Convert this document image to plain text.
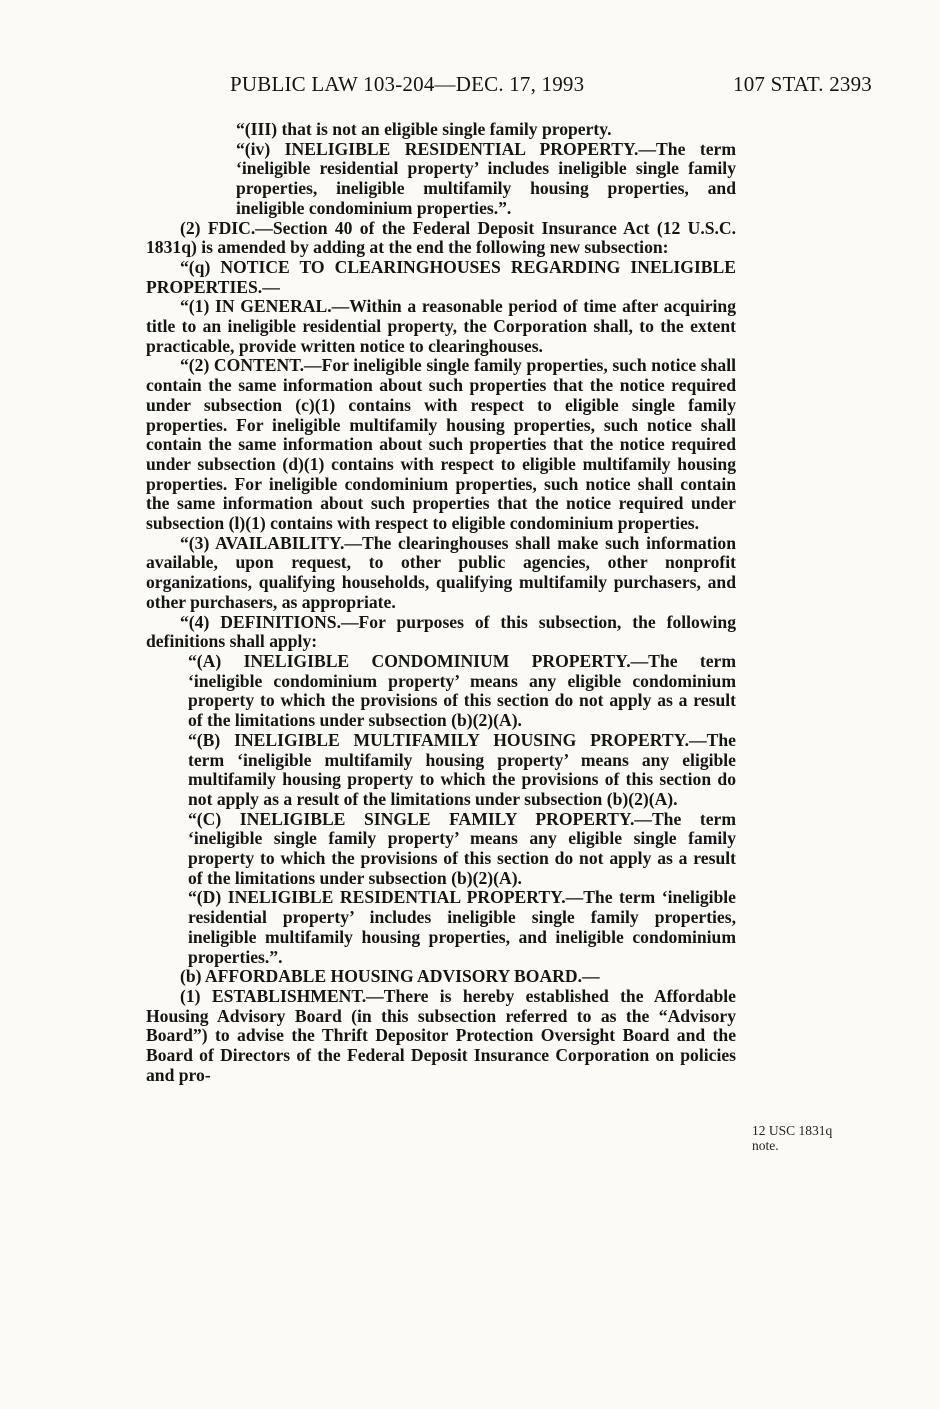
PUBLIC LAW 103-204—DEC. 17, 1993	107 STAT. 2393

“(III) that is not an eligible single family property.

“(iv) INELIGIBLE RESIDENTIAL PROPERTY.—The term ‘ineligible residential property’ includes ineligible single family properties, ineligible multifamily housing properties, and ineligible condominium properties.”.

(2) FDIC.—Section 40 of the Federal Deposit Insurance Act (12 U.S.C. 1831q) is amended by adding at the end the following new subsection:

“(q) NOTICE TO CLEARINGHOUSES REGARDING INELIGIBLE PROPERTIES.—

“(1) IN GENERAL.—Within a reasonable period of time after acquiring title to an ineligible residential property, the Corporation shall, to the extent practicable, provide written notice to clearinghouses.

“(2) CONTENT.—For ineligible single family properties, such notice shall contain the same information about such properties that the notice required under subsection (c)(1) contains with respect to eligible single family properties. For ineligible multifamily housing properties, such notice shall contain the same information about such properties that the notice required under subsection (d)(1) contains with respect to eligible multifamily housing properties. For ineligible condominium properties, such notice shall contain the same information about such properties that the notice required under subsection (l)(1) contains with respect to eligible condominium properties.

“(3) AVAILABILITY.—The clearinghouses shall make such information available, upon request, to other public agencies, other nonprofit organizations, qualifying households, qualifying multifamily purchasers, and other purchasers, as appropriate.

“(4) DEFINITIONS.—For purposes of this subsection, the following definitions shall apply:

“(A) INELIGIBLE CONDOMINIUM PROPERTY.—The term ‘ineligible condominium property’ means any eligible condominium property to which the provisions of this section do not apply as a result of the limitations under subsection (b)(2)(A).

“(B) INELIGIBLE MULTIFAMILY HOUSING PROPERTY.—The term ‘ineligible multifamily housing property’ means any eligible multifamily housing property to which the provisions of this section do not apply as a result of the limitations under subsection (b)(2)(A).

“(C) INELIGIBLE SINGLE FAMILY PROPERTY.—The term ‘ineligible single family property’ means any eligible single family property to which the provisions of this section do not apply as a result of the limitations under subsection (b)(2)(A).

“(D) INELIGIBLE RESIDENTIAL PROPERTY.—The term ‘ineligible residential property’ includes ineligible single family properties, ineligible multifamily housing properties, and ineligible condominium properties.”.

(b) AFFORDABLE HOUSING ADVISORY BOARD.—

(1) ESTABLISHMENT.—There is hereby established the Affordable Housing Advisory Board (in this subsection referred to as the “Advisory Board”) to advise the Thrift Depositor Protection Oversight Board and the Board of Directors of the Federal Deposit Insurance Corporation on policies and pro-

12 USC 1831q
note.
